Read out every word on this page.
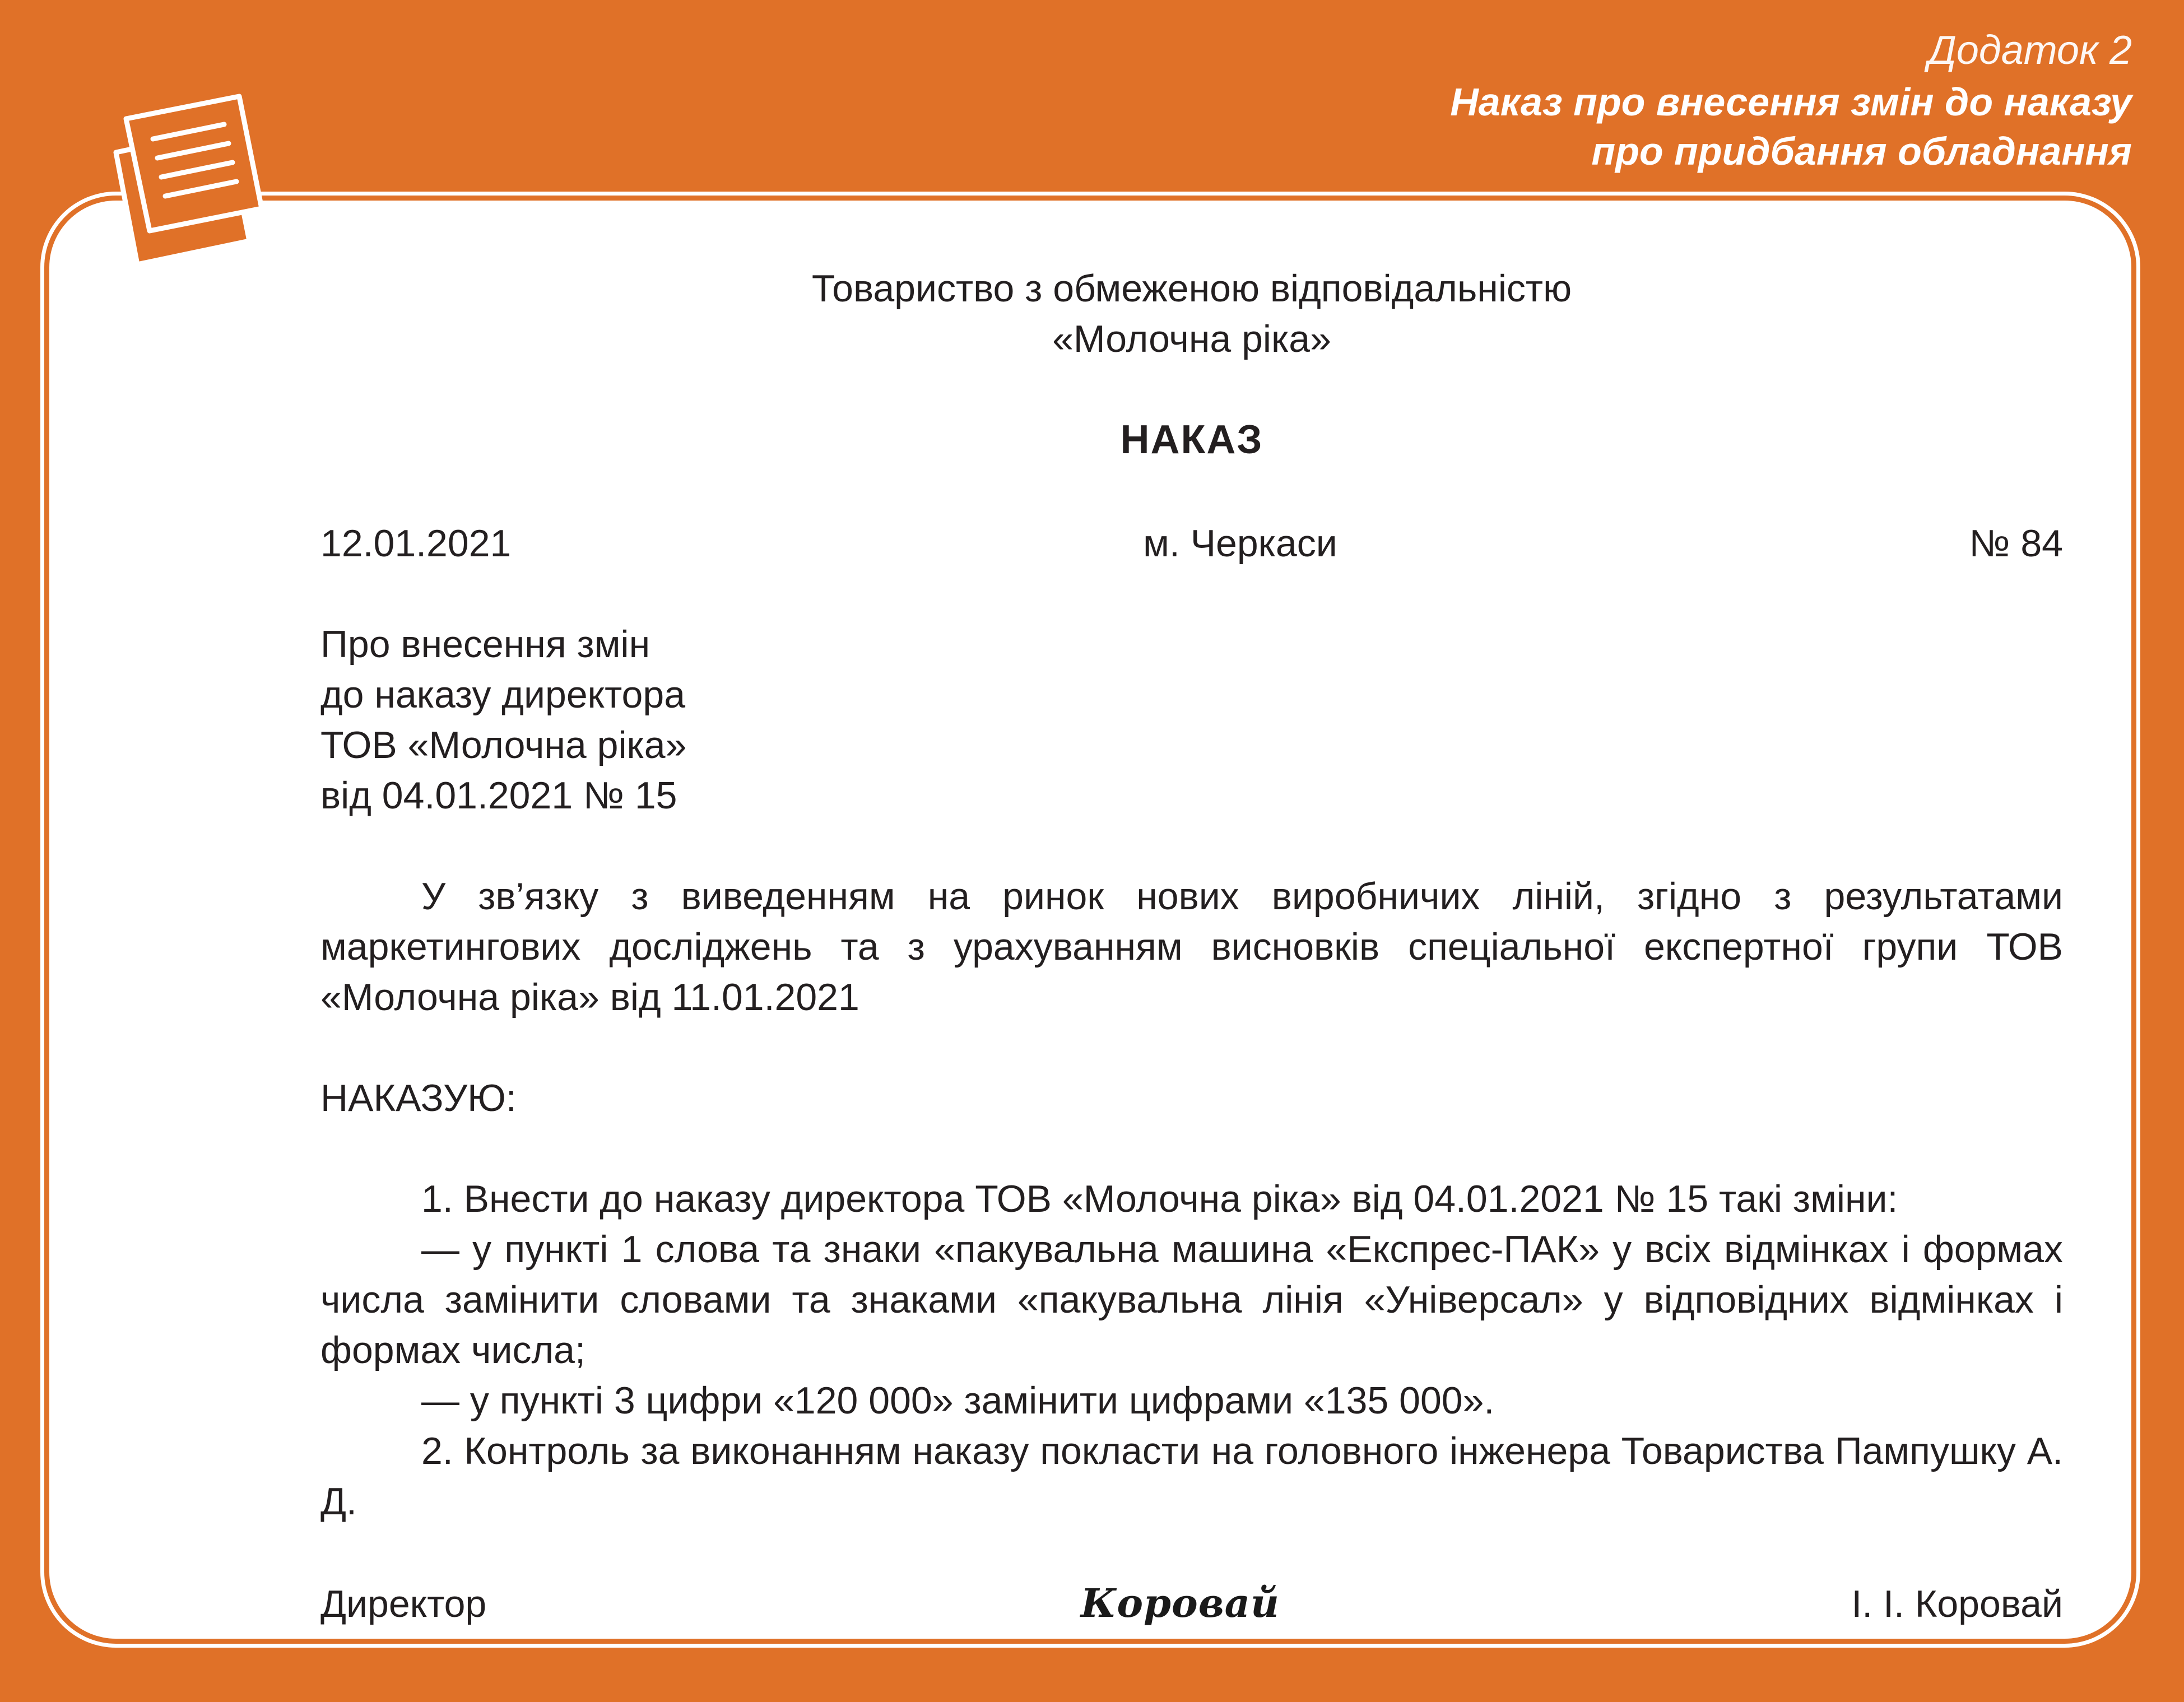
Додаток 2
Наказ про внесення змін до наказу
про придбання обладнання
Товариство з обмеженою відповідальністю
«Молочна ріка»
НАКАЗ
12.01.2021	м. Черкаси	№ 84
Про внесення змін
до наказу директора
ТОВ «Молочна ріка»
від 04.01.2021 № 15
У зв’язку з виведенням на ринок нових виробничих ліній, згідно з результатами маркетингових досліджень та з урахуванням висновків спеціальної експертної групи ТОВ «Молочна ріка» від 11.01.2021
НАКАЗУЮ:
1. Внести до наказу директора ТОВ «Молочна ріка» від 04.01.2021 № 15 такі зміни:
— у пункті 1 слова та знаки «пакувальна машина «Експрес-ПАК» у всіх відмінках і формах числа замінити словами та знаками «пакувальна лінія «Універсал» у відповідних відмінках і формах числа;
— у пункті 3 цифри «120 000» замінити цифрами «135 000».
2. Контроль за виконанням наказу покласти на головного інженера Товариства Пампушку А. Д.
Директор	Коровай	І. І. Коровай
